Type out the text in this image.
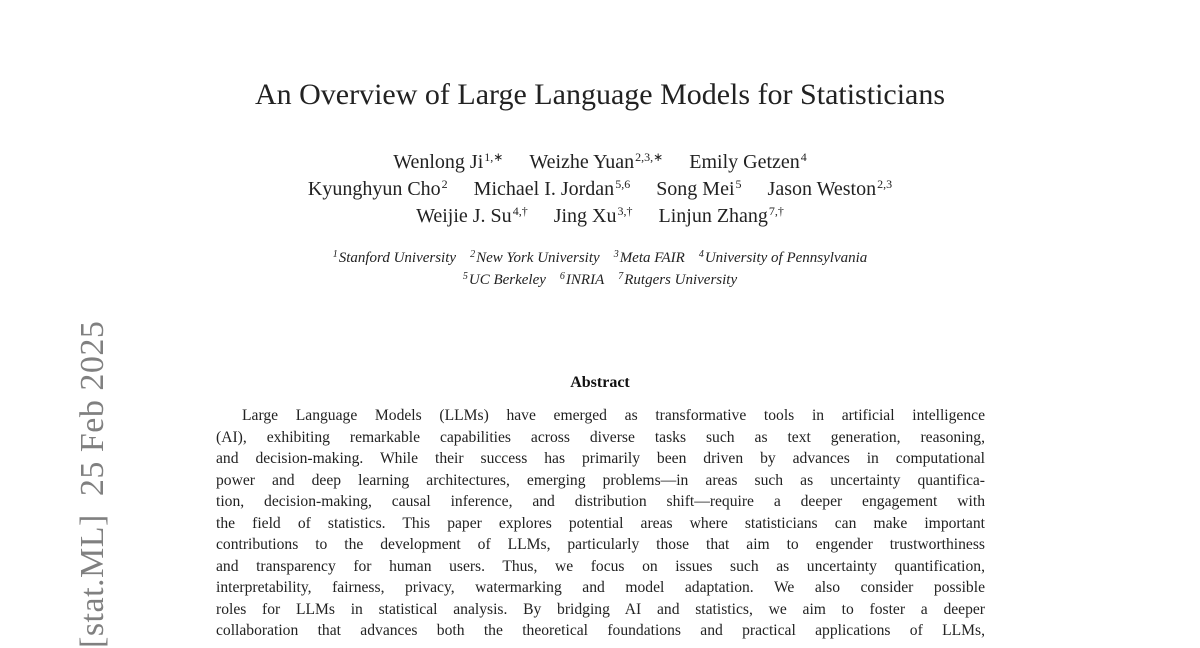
[stat.ML]25 Feb 2025
An Overview of Large Language Models for Statisticians
Wenlong $Ji^{1,∗}$ Weizhe Yuan$^{2,3,∗}$ Emily Getzen$^4$
Kyunghyun Cho$^2$ Michael I. Jordan$^{5,6}$ Song Mei$^5$ Jason Weston$^{2,3}$
Weijie J. $Su^{4,\dagger}$ Jing $Xu^{3,\dagger}$ Linjun Zhang$^{7,\dagger}$
$^1$Stanford University $^2$New York University $^3$Meta FAIR $^4$University of Pennsylvania
$^5$UC Berkeley $^6$INRIA $^7$Rutgers University
Abstract
Large Language Models (LLMs) have emerged as transformative tools in artificial intelligence
(AI), exhibiting remarkable capabilities across diverse tasks such as text generation, reasoning,
and decision-making. While their success has primarily been driven by advances in computational
power and deep learning architectures, emerging problems—in areas such as uncertainty quantifica-
tion, decision-making, causal inference, and distribution shift—require a deeper engagement with
the field of statistics. This paper explores potential areas where statisticians can make important
contributions to the development of LLMs, particularly those that aim to engender trustworthiness
and transparency for human users. Thus, we focus on issues such as uncertainty quantification,
interpretability, fairness, privacy, watermarking and model adaptation. We also consider possible
roles for LLMs in statistical analysis. By bridging AI and statistics, we aim to foster a deeper
collaboration that advances both the theoretical foundations and practical applications of LLMs,
